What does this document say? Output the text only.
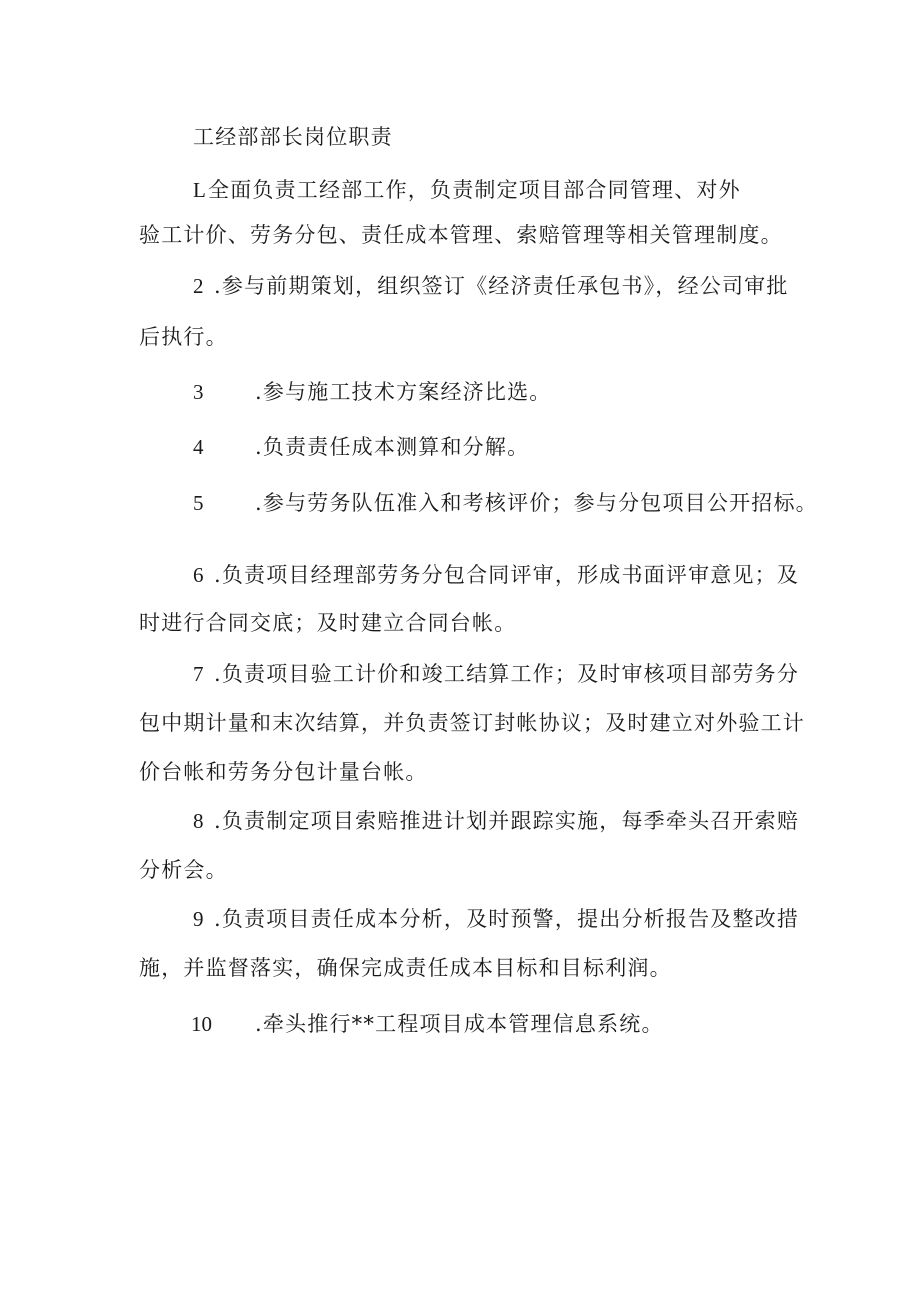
工经部部长岗位职责
L 全面负责工经部工作，负责制定项目部合同管理、对外
验工计价、劳务分包、责任成本管理、索赔管理等相关管理制度。
2 .参与前期策划，组织签订《经济责任承包书》，经公司审批
后执行。
3 .参与施工技术方案经济比选。
4 .负责责任成本测算和分解。
5 .参与劳务队伍准入和考核评价；参与分包项目公开招标。
6 .负责项目经理部劳务分包合同评审，形成书面评审意见；及
时进行合同交底；及时建立合同台帐。
7 .负责项目验工计价和竣工结算工作；及时审核项目部劳务分
包中期计量和末次结算，并负责签订封帐协议；及时建立对外验工计
价台帐和劳务分包计量台帐。
8 .负责制定项目索赔推进计划并跟踪实施，每季牵头召开索赔
分析会。
9 .负责项目责任成本分析，及时预警，提出分析报告及整改措
施，并监督落实，确保完成责任成本目标和目标利润。
10 .牵头推行**工程项目成本管理信息系统。
